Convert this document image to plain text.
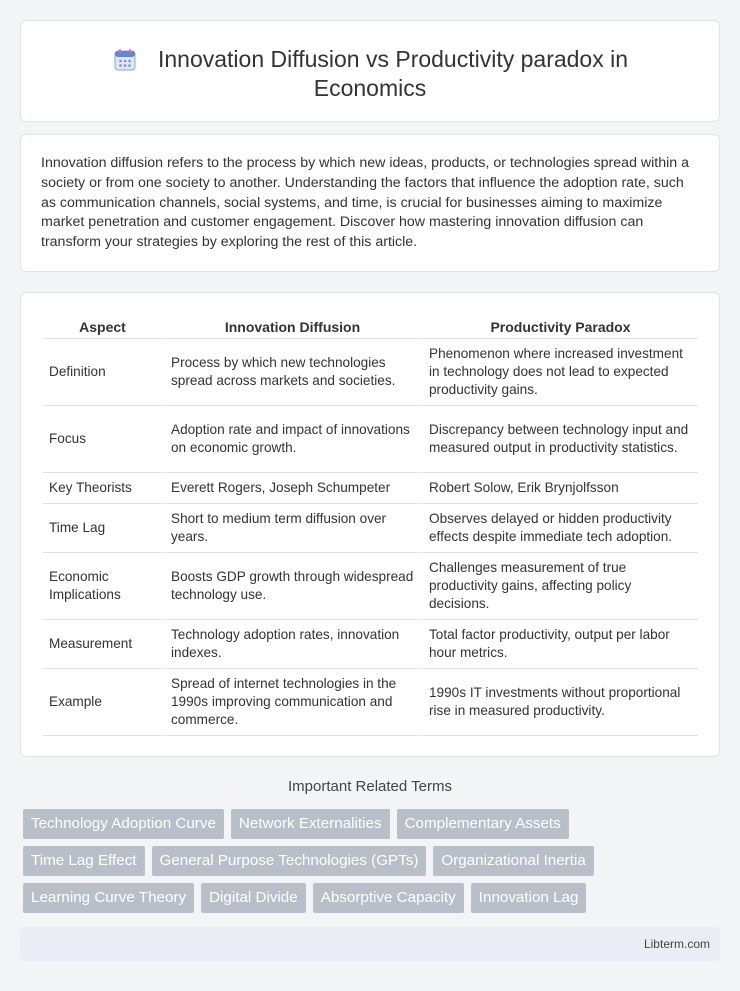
Innovation Diffusion vs Productivity paradox in
Economics

Innovation diffusion refers to the process by which new ideas, products, or technologies spread within a society or from one society to another. Understanding the factors that influence the adoption rate, such as communication channels, social systems, and time, is crucial for businesses aiming to maximize market penetration and customer engagement. Discover how mastering innovation diffusion can transform your strategies by exploring the rest of this article.

Aspect	Innovation Diffusion	Productivity Paradox
Definition	Process by which new technologies spread across markets and societies.	Phenomenon where increased investment in technology does not lead to expected productivity gains.
Focus	Adoption rate and impact of innovations on economic growth.	Discrepancy between technology input and measured output in productivity statistics.
Key Theorists	Everett Rogers, Joseph Schumpeter	Robert Solow, Erik Brynjolfsson
Time Lag	Short to medium term diffusion over years.	Observes delayed or hidden productivity effects despite immediate tech adoption.
Economic Implications	Boosts GDP growth through widespread technology use.	Challenges measurement of true productivity gains, affecting policy decisions.
Measurement	Technology adoption rates, innovation indexes.	Total factor productivity, output per labor hour metrics.
Example	Spread of internet technologies in the 1990s improving communication and commerce.	1990s IT investments without proportional rise in measured productivity.
Important Related Terms
Technology Adoption Curve	Network Externalities	Complementary Assets
Time Lag Effect	General Purpose Technologies (GPTs)	Organizational Inertia
Learning Curve Theory	Digital Divide	Absorptive Capacity	Innovation Lag
Libterm.com
